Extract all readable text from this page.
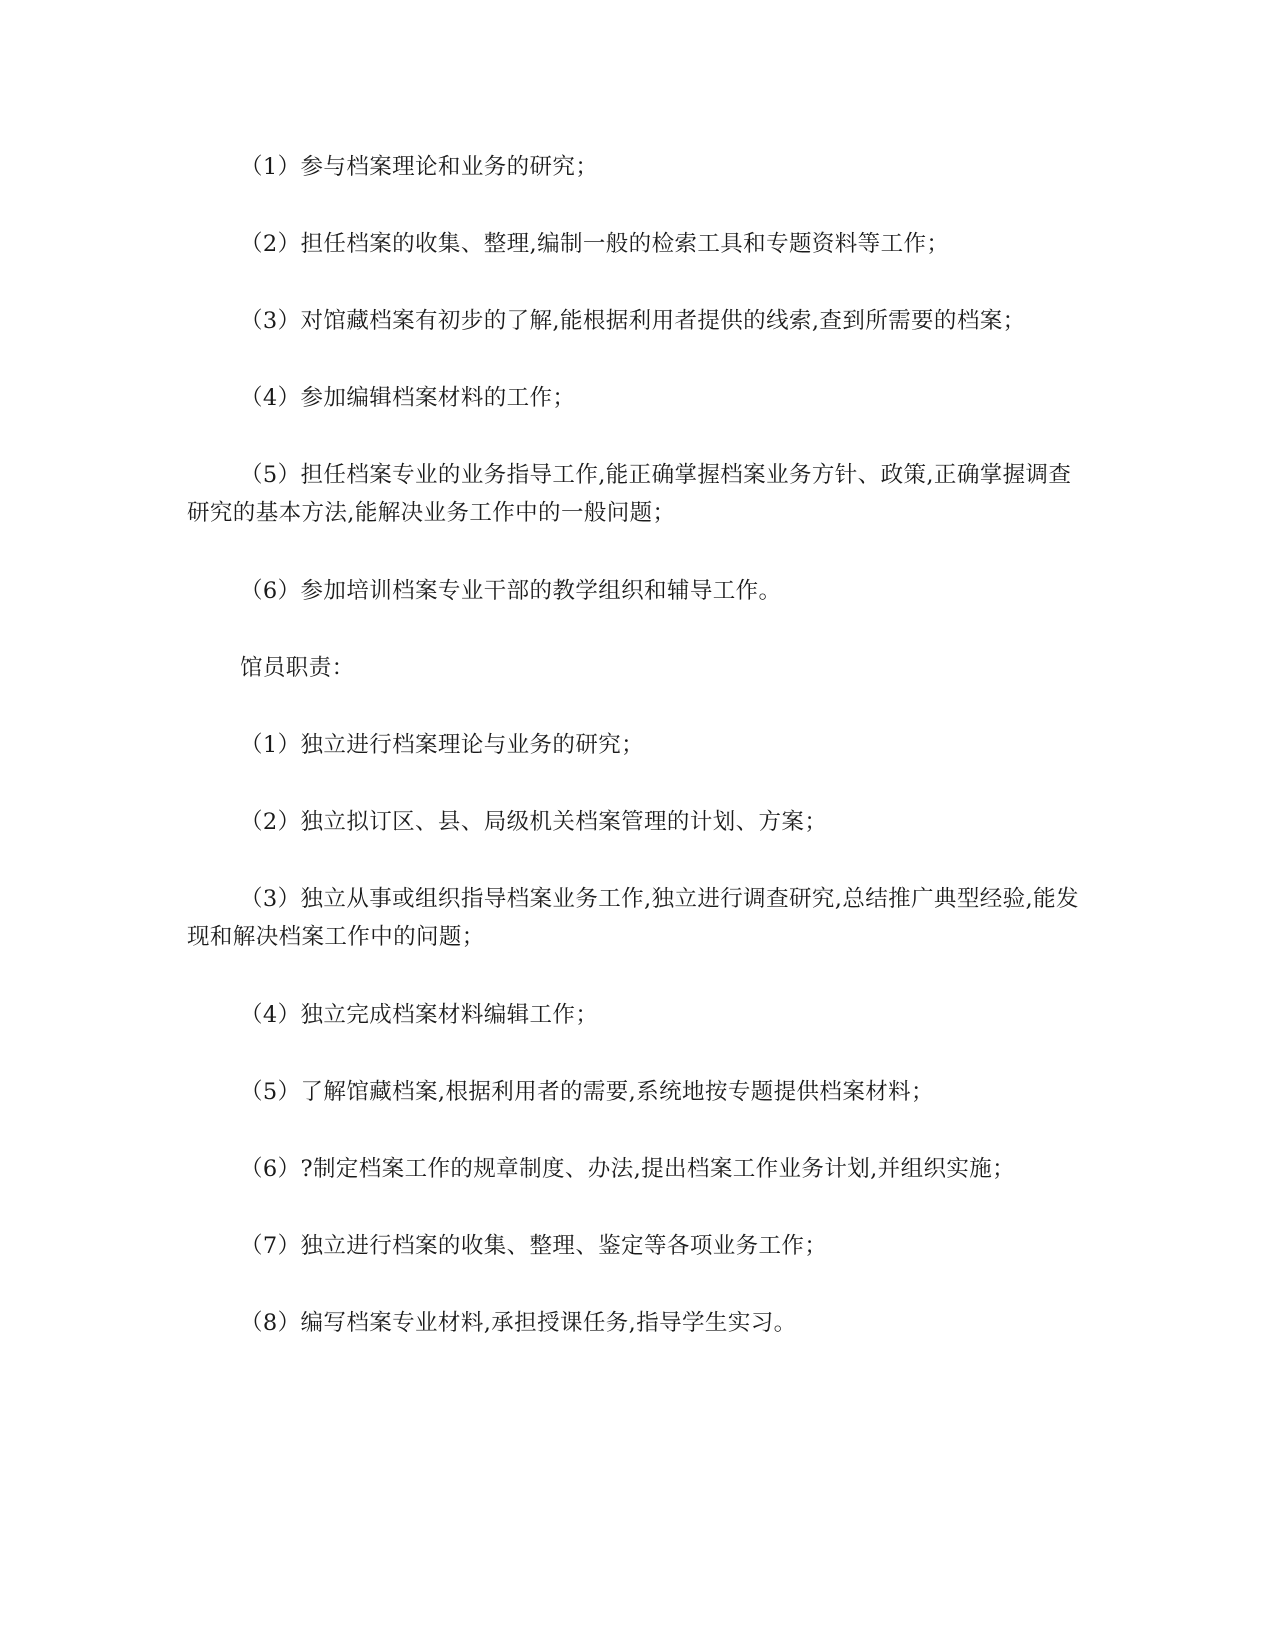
（1）参与档案理论和业务的研究；

（2）担任档案的收集、整理,编制一般的检索工具和专题资料等工作；

（3）对馆藏档案有初步的了解,能根据利用者提供的线索,查到所需要的档案；

（4）参加编辑档案材料的工作；

（5）担任档案专业的业务指导工作,能正确掌握档案业务方针、政策,正确掌握调查研究的基本方法,能解决业务工作中的一般问题；

（6）参加培训档案专业干部的教学组织和辅导工作。

馆员职责：

（1）独立进行档案理论与业务的研究；

（2）独立拟订区、县、局级机关档案管理的计划、方案；

（3）独立从事或组织指导档案业务工作,独立进行调查研究,总结推广典型经验,能发现和解决档案工作中的问题；

（4）独立完成档案材料编辑工作；

（5）了解馆藏档案,根据利用者的需要,系统地按专题提供档案材料；

（6）?制定档案工作的规章制度、办法,提出档案工作业务计划,并组织实施；

（7）独立进行档案的收集、整理、鉴定等各项业务工作；

（8）编写档案专业材料,承担授课任务,指导学生实习。
